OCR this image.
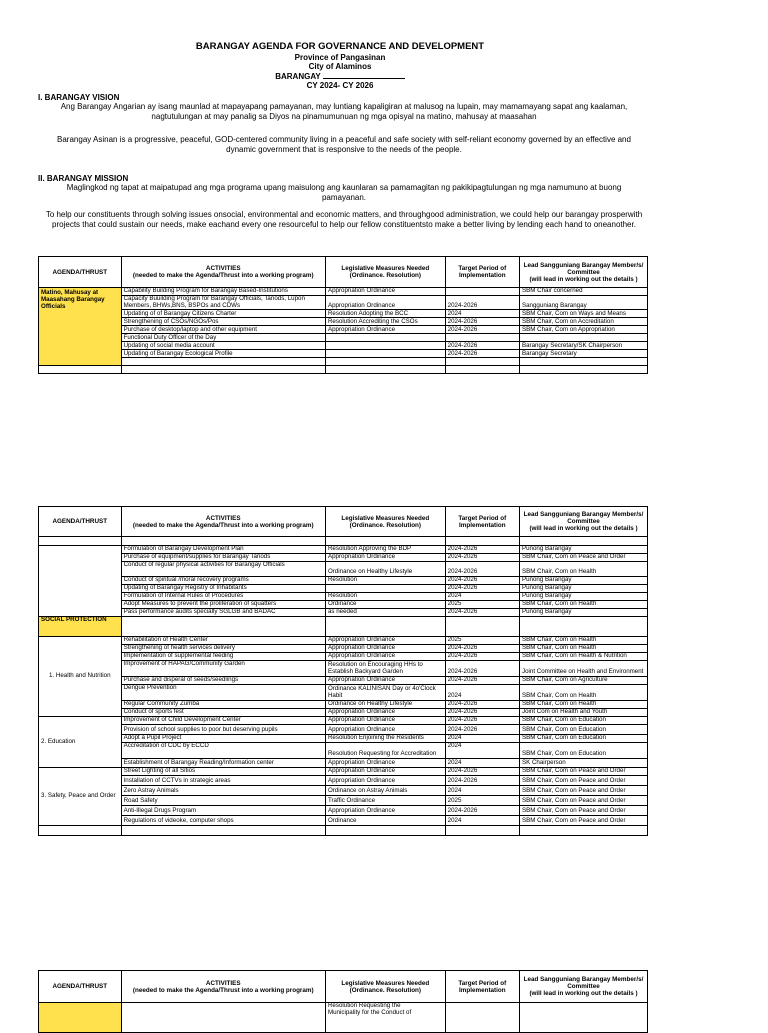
BARANGAY AGENDA FOR GOVERNANCE AND DEVELOPMENT
Province of Pangasinan
City of Alaminos
BARANGAY
CY 2024- CY 2026
I. BARANGAY VISION
Ang Barangay Angarian ay isang maunlad at mapayapang pamayanan, may luntiang kapaligiran at malusog na lupain, may mamamayang sapat ang kaalaman, nagtutulungan at may panalig sa Diyos na pinamumunuan ng mga opisyal na matino, mahusay at maasahan
Barangay Asinan is a progressive, peaceful, GOD-centered community living in a peaceful and safe society with self-reliant economy governed by an effective and dynamic government that is responsive to the needs of the people.
II. BARANGAY MISSION
Maglingkod ng tapat at maipatupad ang mga programa upang maisulong ang kaunlaran sa pamamagitan ng pakikipagtulungan ng mga namumuno at buong pamayanan.
To help our constituents through solving issues onsocial, environmental and economic matters, and throughgood administration, we could help our barangay prosperwith projects that could sustain our needs, make eachand every one resourceful to help our fellow constituentsto make a better living by lending each hand to oneanother.
AGENDA/THRUST	ACTIVITIES
(needed to make the Agenda/Thrust into a working program)	Legislative Measures Needed
(Ordinance. Resolution)	Target Period of
Implementation	Lead Sangguniang Barangay Member/s/ Committee
(will lead in working out the details )
Matino, Mahusay at Maasahang Barangay Officials	Capability Building Program for Barangay Based-Institutions	Appropriation Ordinance		SBM Chair concerned
	Capacity Buuilding Program for Barangay Officials, Tanods, Lupon Members, BHWs,BNS, BSPOs and CDWs	Appropriation Ordinance	2024-2026	Sangguniang Barangay
	Updating of of Barangay Citizens Charter	Resolution Adopting the BCC	2024	SBM Chair, Com on Ways and Means
	Strengthening of CSOs/NGOs/Pos	Resolution Accrediting the CSOs	2024-2026	SBM Chair, Com on Accreditation
	Purchase of desktop/laptop and other equipment	Appropriation Ordinance	2024-2026	SBM Chair, Com on Appropriation
	Functional Duty Officer of the Day			
	Updating of social media account		2024-2026	Barangay Secretary/SK Chairperson
	Updating of Barangay Ecological Profile		2024-2026	Barangay Secretary

AGENDA/THRUST	ACTIVITIES
(needed to make the Agenda/Thrust into a working program)	Legislative Measures Needed
(Ordinance. Resolution)	Target Period of
Implementation	Lead Sangguniang Barangay Member/s/ Committee
(will lead in working out the details )

	Formulation of Barangay Development Plan	Resolution Approving the BDP	2024-2026	Punong Barangay
	Purchase of equipment/supplies for Barangay Tanods	Appropriation Ordinance	2024-2026	SBM Chair, Com on Peace and Order
	Conduct of regular physical activities for Barangay Officials	Ordinance on Healthy Lifestyle	2024-2026	SBM Chair, Com on Health
	Conduct of spiritual /moral recovery programs	Resolution	2024-2026	Punong Barangay
	Updating of Barangay Registry of Inhabitants		2024-2026	Punong Barangay
	Formulation of Internal Rules of Procedures	Resolution	2024	Punong Barangay
	Adopt Measures to prevent the proliferation of squatters	Ordinance	2025	SBM Chair, Com on Health
	Pass performance audits specially SGLGB and BADAC	as needed	2024-2026	Punong Barangay
SOCIAL PROTECTION				
1. Health and Nutrition	Rehabilitation of Health Center	Appropriation Ordinance	2025	SBM Chair, Com on Health
	Strengthening of health services delivery	Appropriation Ordinance	2024-2026	SBM Chair, Com on Health
	Implementation of supplemental feeding	Appropriation Ordinance	2024-2026	SBM Chair, Com on Health & Nutrition
	Improvement of HAPAG/Community Garden	Resolution on Encouraging HHs to Establish Backyard Garden	2024-2026	Joint Committee on Health and Environment
	Purchase and disperal of seeds/seedlings	Appropriation Ordinance	2024-2026	SBM Chair, Com on Agriculture
	Dengue Prevention	Ordinance KALINISAN Day or 4o'Clock Habit	2024	SBM Chair, Com on Health
	Regular Community Zumba	Ordinance on Healthy Lifestyle	2024-2026	SBM Chair, Com on Health
	Conduct of sports fest	Appropriation Ordinance	2024-2026	Joint Com on Health and Youth
2. Education	Improvement of Child Development Center	Appropriation Ordinance	2024-2026	SBM Chair, Com on Education
	Provision of school supplies to poor but deserving pupils	Appropriation Ordinance	2024-2026	SBM Chair, Com on Education
	Adopt a Pupil Project	Resolution Enjoining the Residents	2024	SBM Chair, Com on Education
	Accreditation of CDC by ECCD	Resolution Requesting for Accreditation	2024	SBM Chair, Com on Education
	Establishment of Barangay Reading/Information center	Appropriation Ordinance	2024	SK Chairperson
3. Safety, Peace and Order	Street Lighting of all Sitios	Appropriation Ordinance	2024-2026	SBM Chair, Com on Peace and Order
	Installation of CCTVs in strategic areas	Appropriation Ordinance	2024-2026	SBM Chair, Com on Peace and Order
	Zero Astray Animals	Ordinance on Astray Animals	2024	SBM Chair, Com on Peace and Order
	Road Safety	Traffic Ordinance	2025	SBM Chair, Com on Peace and Order
	Anti-Illegal Drugs Program	Appropriation Ordinance	2024-2026	SBM Chair, Com on Peace and Order
	Regulations of videoke, computer shops	Ordinance	2024	SBM Chair, Com on Peace and Order

AGENDA/THRUST	ACTIVITIES
(needed to make the Agenda/Thrust into a working program)	Legislative Measures Needed
(Ordinance. Resolution)	Target Period of
Implementation	Lead Sangguniang Barangay Member/s/ Committee
(will lead in working out the details )
		Resolution Requesting the
Municipality for the Conduct of		
